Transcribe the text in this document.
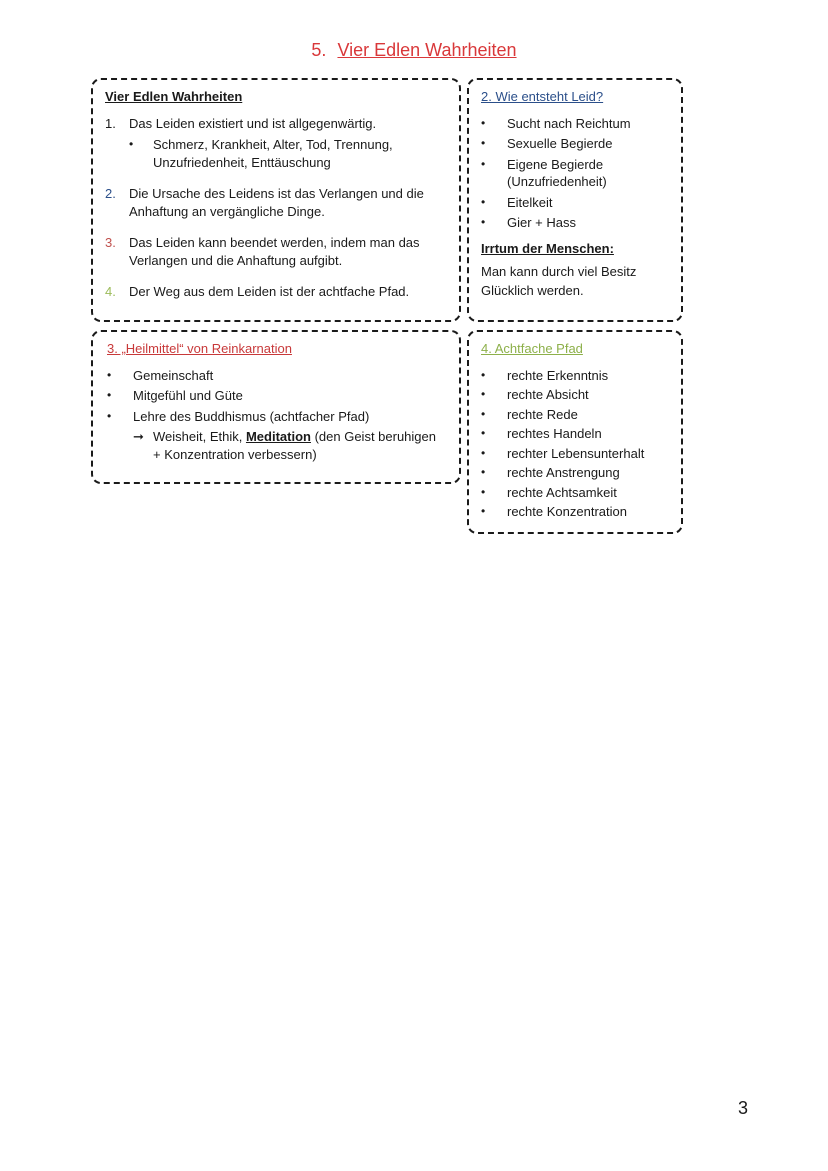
5. Vier Edlen Wahrheiten
Vier Edlen Wahrheiten
1.	Das Leiden existiert und ist allgegenwärtig.
•	Schmerz, Krankheit, Alter, Tod, Trennung, Unzufriedenheit, Enttäuschung
2.	Die Ursache des Leidens ist das Verlangen und die Anhaftung an vergängliche Dinge.
3.	Das Leiden kann beendet werden, indem man das Verlangen und die Anhaftung aufgibt.
4.	Der Weg aus dem Leiden ist der achtfache Pfad.
2. Wie entsteht Leid?
•	Sucht nach Reichtum
•	Sexuelle Begierde
•	Eigene Begierde (Unzufriedenheit)
•	Eitelkeit
•	Gier + Hass
Irrtum der Menschen:

Man kann durch viel Besitz Glücklich werden.

3. „Heilmittel“ von Reinkarnation
•	Gemeinschaft
•	Mitgefühl und Güte
•	Lehre des Buddhismus (achtfacher Pfad)
➞ Weisheit, Ethik, Meditation (den Geist beruhigen + Konzentration verbessern)
4. Achtfache Pfad
•	rechte Erkenntnis
•	rechte Absicht
•	rechte Rede
•	rechtes Handeln
•	rechter Lebensunterhalt
•	rechte Anstrengung
•	rechte Achtsamkeit
•	rechte Konzentration
3
